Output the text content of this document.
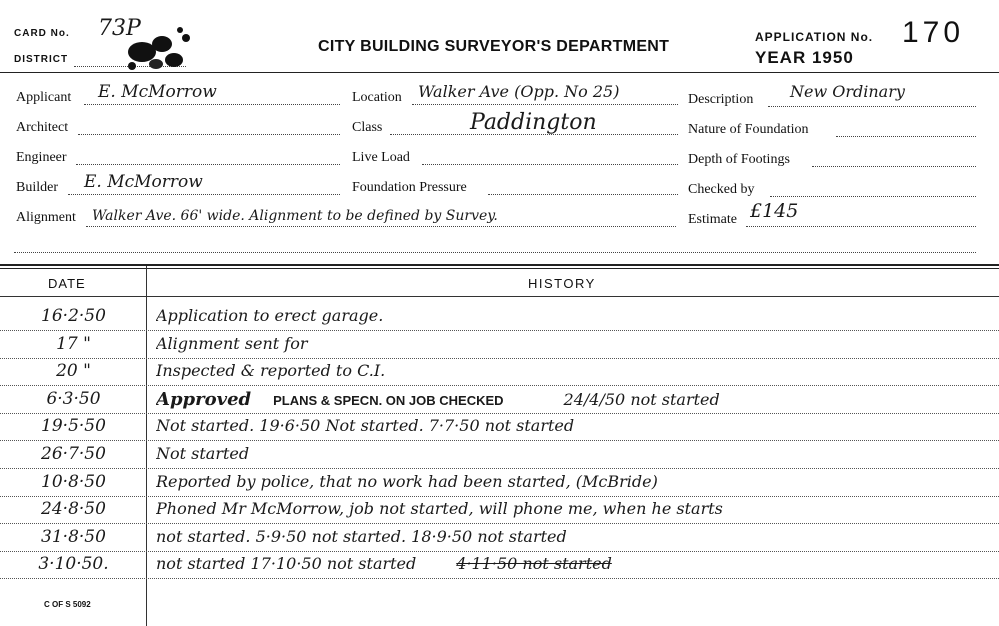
CARD No. 73P
DISTRICT
CITY BUILDING SURVEYOR'S DEPARTMENT
APPLICATION No. 170
YEAR 1950
Applicant E. McMorrow	Location Walker Ave (Opp. No 25)	Description New Ordinary
Architect	Class	Paddington	Nature of Foundation
Engineer	Live Load	Depth of Footings
Builder E. McMorrow	Foundation Pressure	Checked by
Alignment Walker Ave. 66' wide. Alignment to be defined by Survey.	Estimate £145
DATE	HISTORY
16·2·50	Application to erect garage.
17 "	Alignment sent for
20 "	Inspected & reported to C.I.
6·3·50	Approved PLANS & SPECN. ON JOB CHECKED	24/4/50 not started
19·5·50	Not started. 19·6·50 Not started. 7·7·50 not started
26·7·50	Not started
10·8·50	Reported by police, that no work had been started, (McBride)
24·8·50	Phoned Mr McMorrow, job not started, will phone me, when he starts
31·8·50	not started. 5·9·50 not started. 18·9·50 not started
3·10·50.	not started 17·10·50 not started	4·11·50 not started
C OF S 5092
